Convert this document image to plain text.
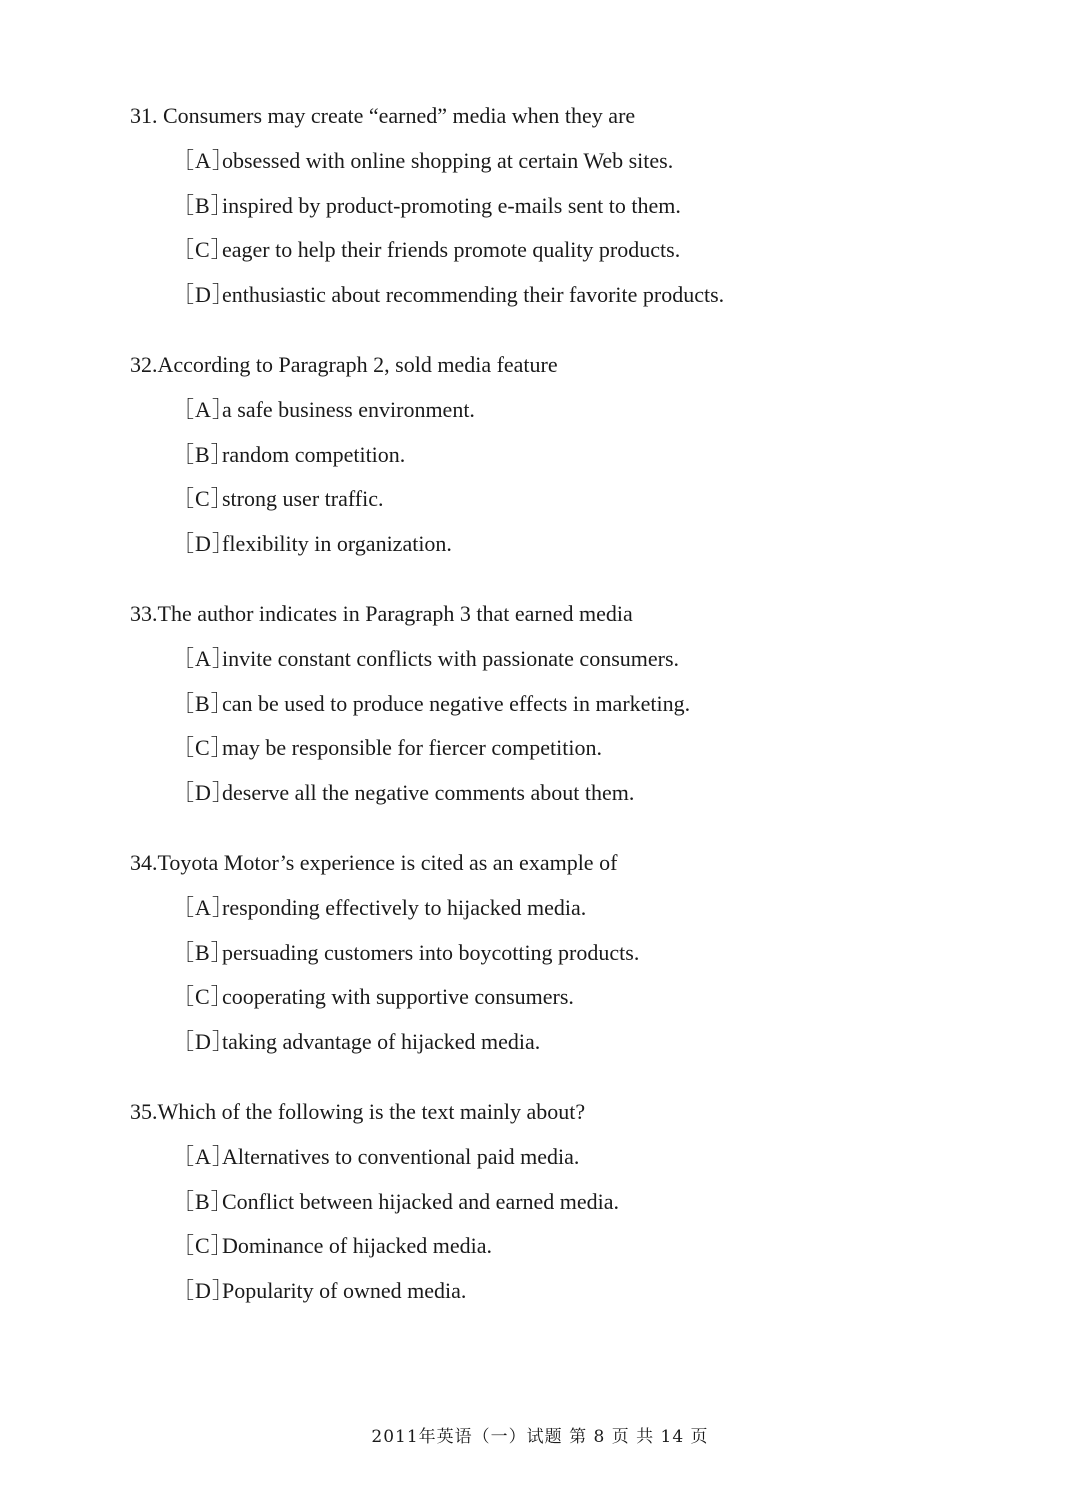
31. Consumers may create “earned” media when they are
［A］obsessed with online shopping at certain Web sites.
［B］inspired by product-promoting e-mails sent to them.
［C］eager to help their friends promote quality products.
［D］enthusiastic about recommending their favorite products.
32.According to Paragraph 2, sold media feature
［A］a safe business environment.
［B］random competition.
［C］strong user traffic.
［D］flexibility in organization.
33.The author indicates in Paragraph 3 that earned media
［A］invite constant conflicts with passionate consumers.
［B］can be used to produce negative effects in marketing.
［C］may be responsible for fiercer competition.
［D］deserve all the negative comments about them.
34.Toyota Motor’s experience is cited as an example of
［A］responding effectively to hijacked media.
［B］persuading customers into boycotting products.
［C］cooperating with supportive consumers.
［D］taking advantage of hijacked media.
35.Which of the following is the text mainly about?
［A］Alternatives to conventional paid media.
［B］Conflict between hijacked and earned media.
［C］Dominance of hijacked media.
［D］Popularity of owned media.
2011年英语（一）试题 第 8 页 共 14 页
